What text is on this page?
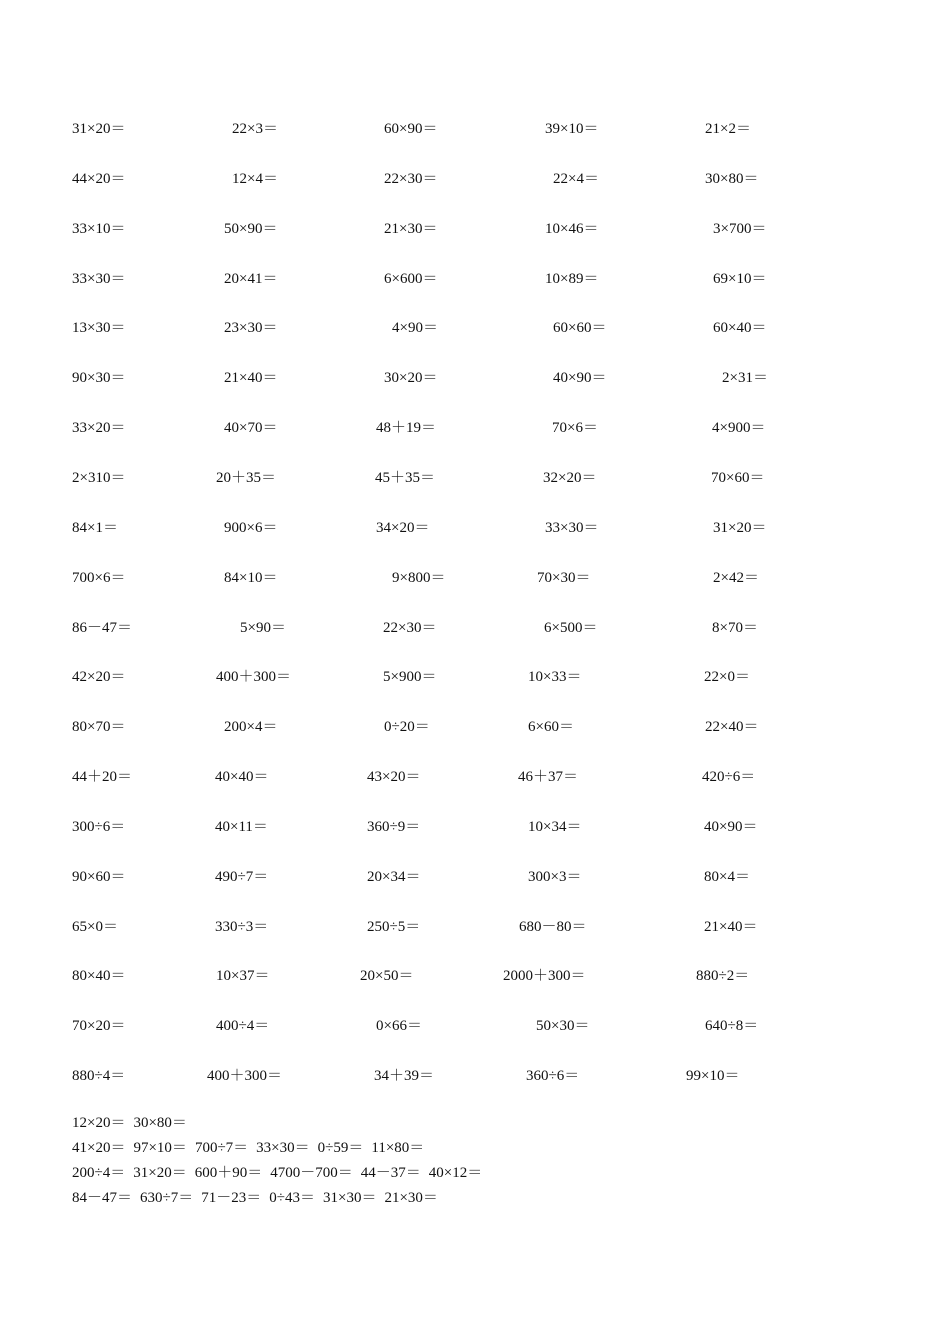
31×20＝	22×3＝	60×90＝	39×10＝	21×2＝
44×20＝	12×4＝	22×30＝	22×4＝	30×80＝
33×10＝	50×90＝	21×30＝	10×46＝	3×700＝
33×30＝	20×41＝	6×600＝	10×89＝	69×10＝
13×30＝	23×30＝	4×90＝	60×60＝	60×40＝
90×30＝	21×40＝	30×20＝	40×90＝	2×31＝
33×20＝	40×70＝	48＋19＝	70×6＝	4×900＝
2×310＝	20＋35＝	45＋35＝	32×20＝	70×60＝
84×1＝	900×6＝	34×20＝	33×30＝	31×20＝
700×6＝	84×10＝	9×800＝	70×30＝	2×42＝
86－47＝	5×90＝	22×30＝	6×500＝	8×70＝
42×20＝	400＋300＝	5×900＝	10×33＝	22×0＝
80×70＝	200×4＝	0÷20＝	6×60＝	22×40＝
44＋20＝	40×40＝	43×20＝	46＋37＝	420÷6＝
300÷6＝	40×11＝	360÷9＝	10×34＝	40×90＝
90×60＝	490÷7＝	20×34＝	300×3＝	80×4＝
65×0＝	330÷3＝	250÷5＝	680－80＝	21×40＝
80×40＝	10×37＝	20×50＝	2000＋300＝	880÷2＝
70×20＝	400÷4＝	0×66＝	50×30＝	640÷8＝
880÷4＝	400＋300＝	34＋39＝	360÷6＝	99×10＝
12×20＝ 30×80＝
41×20＝ 97×10＝ 700÷7＝ 33×30＝ 0÷59＝ 11×80＝
200÷4＝ 31×20＝ 600＋90＝ 4700－700＝ 44－37＝ 40×12＝
84－47＝ 630÷7＝ 71－23＝ 0÷43＝ 31×30＝ 21×30＝
